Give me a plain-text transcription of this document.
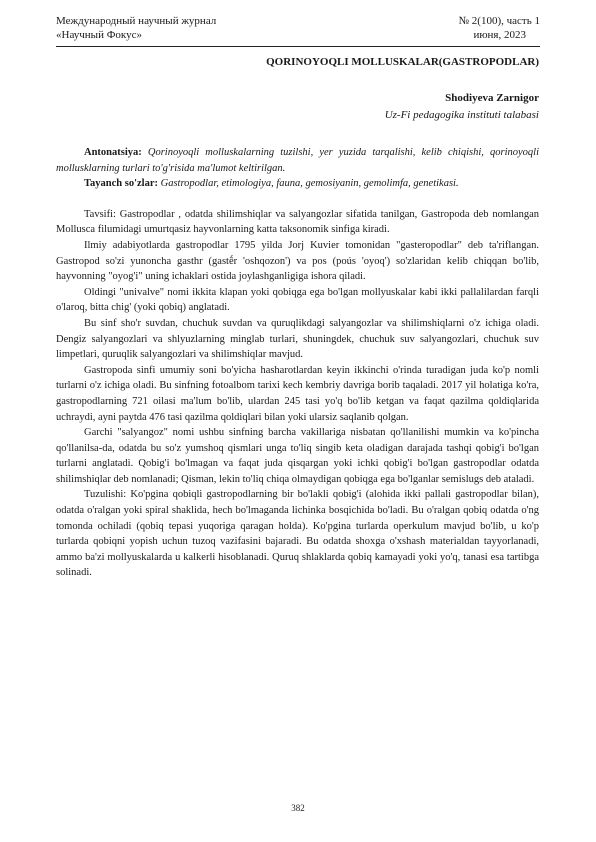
Международный научный журнал
«Научный Фокус»
№ 2(100), часть 1
июня, 2023
QORINOYOQLI MOLLUSKALAR(GASTROPODLAR)
Shodiyeva Zarnigor
Uz-Fi pedagogika instituti talabasi

Antonatsiya: Qorinoyoqli molluskalarning tuzilshi, yer yuzida tarqalishi, kelib chiqishi, qorinoyoqli mollusklarning turlari to'g'risida ma'lumot keltirilgan.

Tayanch so'zlar: Gastropodlar, etimologiya, fauna, gemosiyanin, gemolimfa, genetikasi.

Tavsifi: Gastropodlar , odatda shilimshiqlar va salyangozlar sifatida tanilgan, Gastropoda deb nomlangan Mollusca filumidagi umurtqasiz hayvonlarning katta taksonomik sinfiga kiradi.

Ilmiy adabiyotlarda gastropodlar 1795 yilda Jorj Kuvier tomonidan "gasteropodlar" deb ta'riflangan. Gastropod so'zi yunoncha gasthr (gastḗr 'oshqozon') va pos (poús 'oyoq') so'zlaridan kelib chiqqan bo'lib, hayvonning "oyog'i" uning ichaklari ostida joylashganligiga ishora qiladi.

Oldingi "univalve" nomi ikkita klapan yoki qobiqga ega bo'lgan mollyuskalar kabi ikki pallalilardan farqli o'laroq, bitta chig' (yoki qobiq) anglatadi.

Bu sinf sho'r suvdan, chuchuk suvdan va quruqlikdagi salyangozlar va shilimshiqlarni o'z ichiga oladi. Dengiz salyangozlari va shlyuzlarning minglab turlari, shuningdek, chuchuk suv salyangozlari, chuchuk suv limpetlari, quruqlik salyangozlari va shilimshiqlar mavjud.

Gastropoda sinfi umumiy soni bo'yicha hasharotlardan keyin ikkinchi o'rinda turadigan juda ko'p nomli turlarni o'z ichiga oladi. Bu sinfning fotoalbom tarixi kech kembriy davriga borib taqaladi. 2017 yil holatiga ko'ra, gastropodlarning 721 oilasi ma'lum bo'lib, ulardan 245 tasi yo'q bo'lib ketgan va faqat qazilma qoldiqlarida uchraydi, ayni paytda 476 tasi qazilma qoldiqlari bilan yoki ularsiz saqlanib qolgan.

Garchi "salyangoz" nomi ushbu sinfning barcha vakillariga nisbatan qo'llanilishi mumkin va ko'pincha qo'llanilsa-da, odatda bu so'z yumshoq qismlari unga to'liq singib keta oladigan darajada tashqi qobig'i bo'lgan turlarni anglatadi. Qobig'i bo'lmagan va faqat juda qisqargan yoki ichki qobig'i bo'lgan gastropodlar odatda shilimshiqlar deb nomlanadi; Qisman, lekin to'liq chiqa olmaydigan qobiqga ega bo'lganlar semislugs deb ataladi.

Tuzulishi: Ko'pgina qobiqli gastropodlarning bir bo'lakli qobig'i (alohida ikki pallali gastropodlar bilan), odatda o'ralgan yoki spiral shaklida, hech bo'lmaganda lichinka bosqichida bo'ladi. Bu o'ralgan qobiq odatda o'ng tomonda ochiladi (qobiq tepasi yuqoriga qaragan holda). Ko'pgina turlarda operkulum mavjud bo'lib, u ko'p turlarda qobiqni yopish uchun tuzoq vazifasini bajaradi. Bu odatda shoxga o'xshash materialdan tayyorlanadi, ammo ba'zi mollyuskalarda u kalkerli hisoblanadi. Quruq shlaklarda qobiq kamayadi yoki yo'q, tanasi esa tartibga solinadi.

382
